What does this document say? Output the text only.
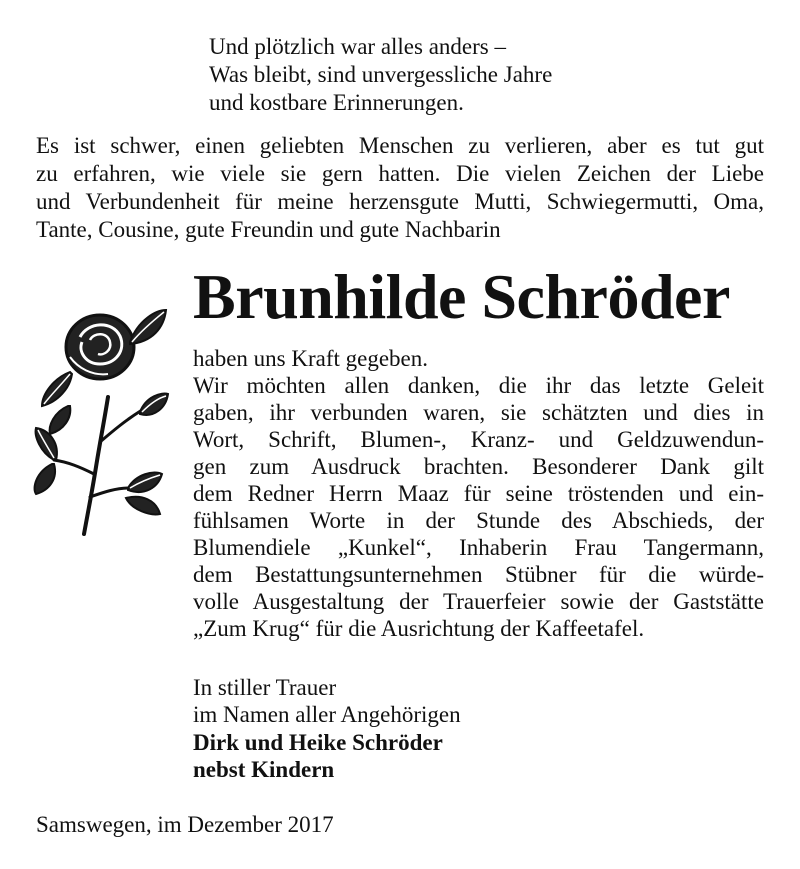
Und plötzlich war alles anders –
Was bleibt, sind unvergessliche Jahre
und kostbare Erinnerungen.
Es ist schwer, einen geliebten Menschen zu verlieren, aber es tut gut
zu erfahren, wie viele sie gern hatten. Die vielen Zeichen der Liebe
und Verbundenheit für meine herzensgute Mutti, Schwiegermutti, Oma,
Tante, Cousine, gute Freundin und gute Nachbarin
Brunhilde Schröder
haben uns Kraft gegeben.
Wir möchten allen danken, die ihr das letzte Geleit
gaben, ihr verbunden waren, sie schätzten und dies in
Wort, Schrift, Blumen-, Kranz- und Geldzuwendun-
gen zum Ausdruck brachten. Besonderer Dank gilt
dem Redner Herrn Maaz für seine tröstenden und ein-
fühlsamen Worte in der Stunde des Abschieds, der
Blumendiele „Kunkel“, Inhaberin Frau Tangermann,
dem Bestattungsunternehmen Stübner für die würde-
volle Ausgestaltung der Trauerfeier sowie der Gaststätte
„Zum Krug“ für die Ausrichtung der Kaffeetafel.
In stiller Trauer
im Namen aller Angehörigen
Dirk und Heike Schröder
nebst Kindern
Samswegen, im Dezember 2017
